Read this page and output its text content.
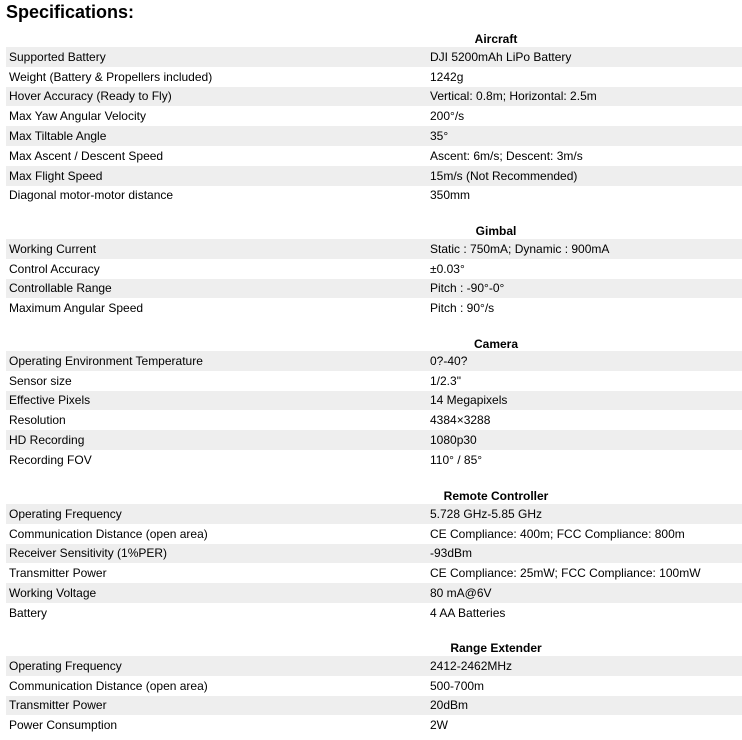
Specifications:
Aircraft
Supported Battery	DJI 5200mAh LiPo Battery
Weight (Battery & Propellers included)	1242g
Hover Accuracy (Ready to Fly)	Vertical: 0.8m; Horizontal: 2.5m
Max Yaw Angular Velocity	200°/s
Max Tiltable Angle	35°
Max Ascent / Descent Speed	Ascent: 6m/s; Descent: 3m/s
Max Flight Speed	15m/s (Not Recommended)
Diagonal motor-motor distance	350mm
Gimbal
Working Current	Static : 750mA; Dynamic : 900mA
Control Accuracy	±0.03°
Controllable Range	Pitch : -90°-0°
Maximum Angular Speed	Pitch : 90°/s
Camera
Operating Environment Temperature	0?-40?
Sensor size	1/2.3"
Effective Pixels	14 Megapixels
Resolution	4384×3288
HD Recording	1080p30
Recording FOV	110° / 85°
Remote Controller
Operating Frequency	5.728 GHz-5.85 GHz
Communication Distance (open area)	CE Compliance: 400m; FCC Compliance: 800m
Receiver Sensitivity (1%PER)	-93dBm
Transmitter Power	CE Compliance: 25mW; FCC Compliance: 100mW
Working Voltage	80 mA@6V
Battery	4 AA Batteries
Range Extender
Operating Frequency	2412-2462MHz
Communication Distance (open area)	500-700m
Transmitter Power	20dBm
Power Consumption	2W
